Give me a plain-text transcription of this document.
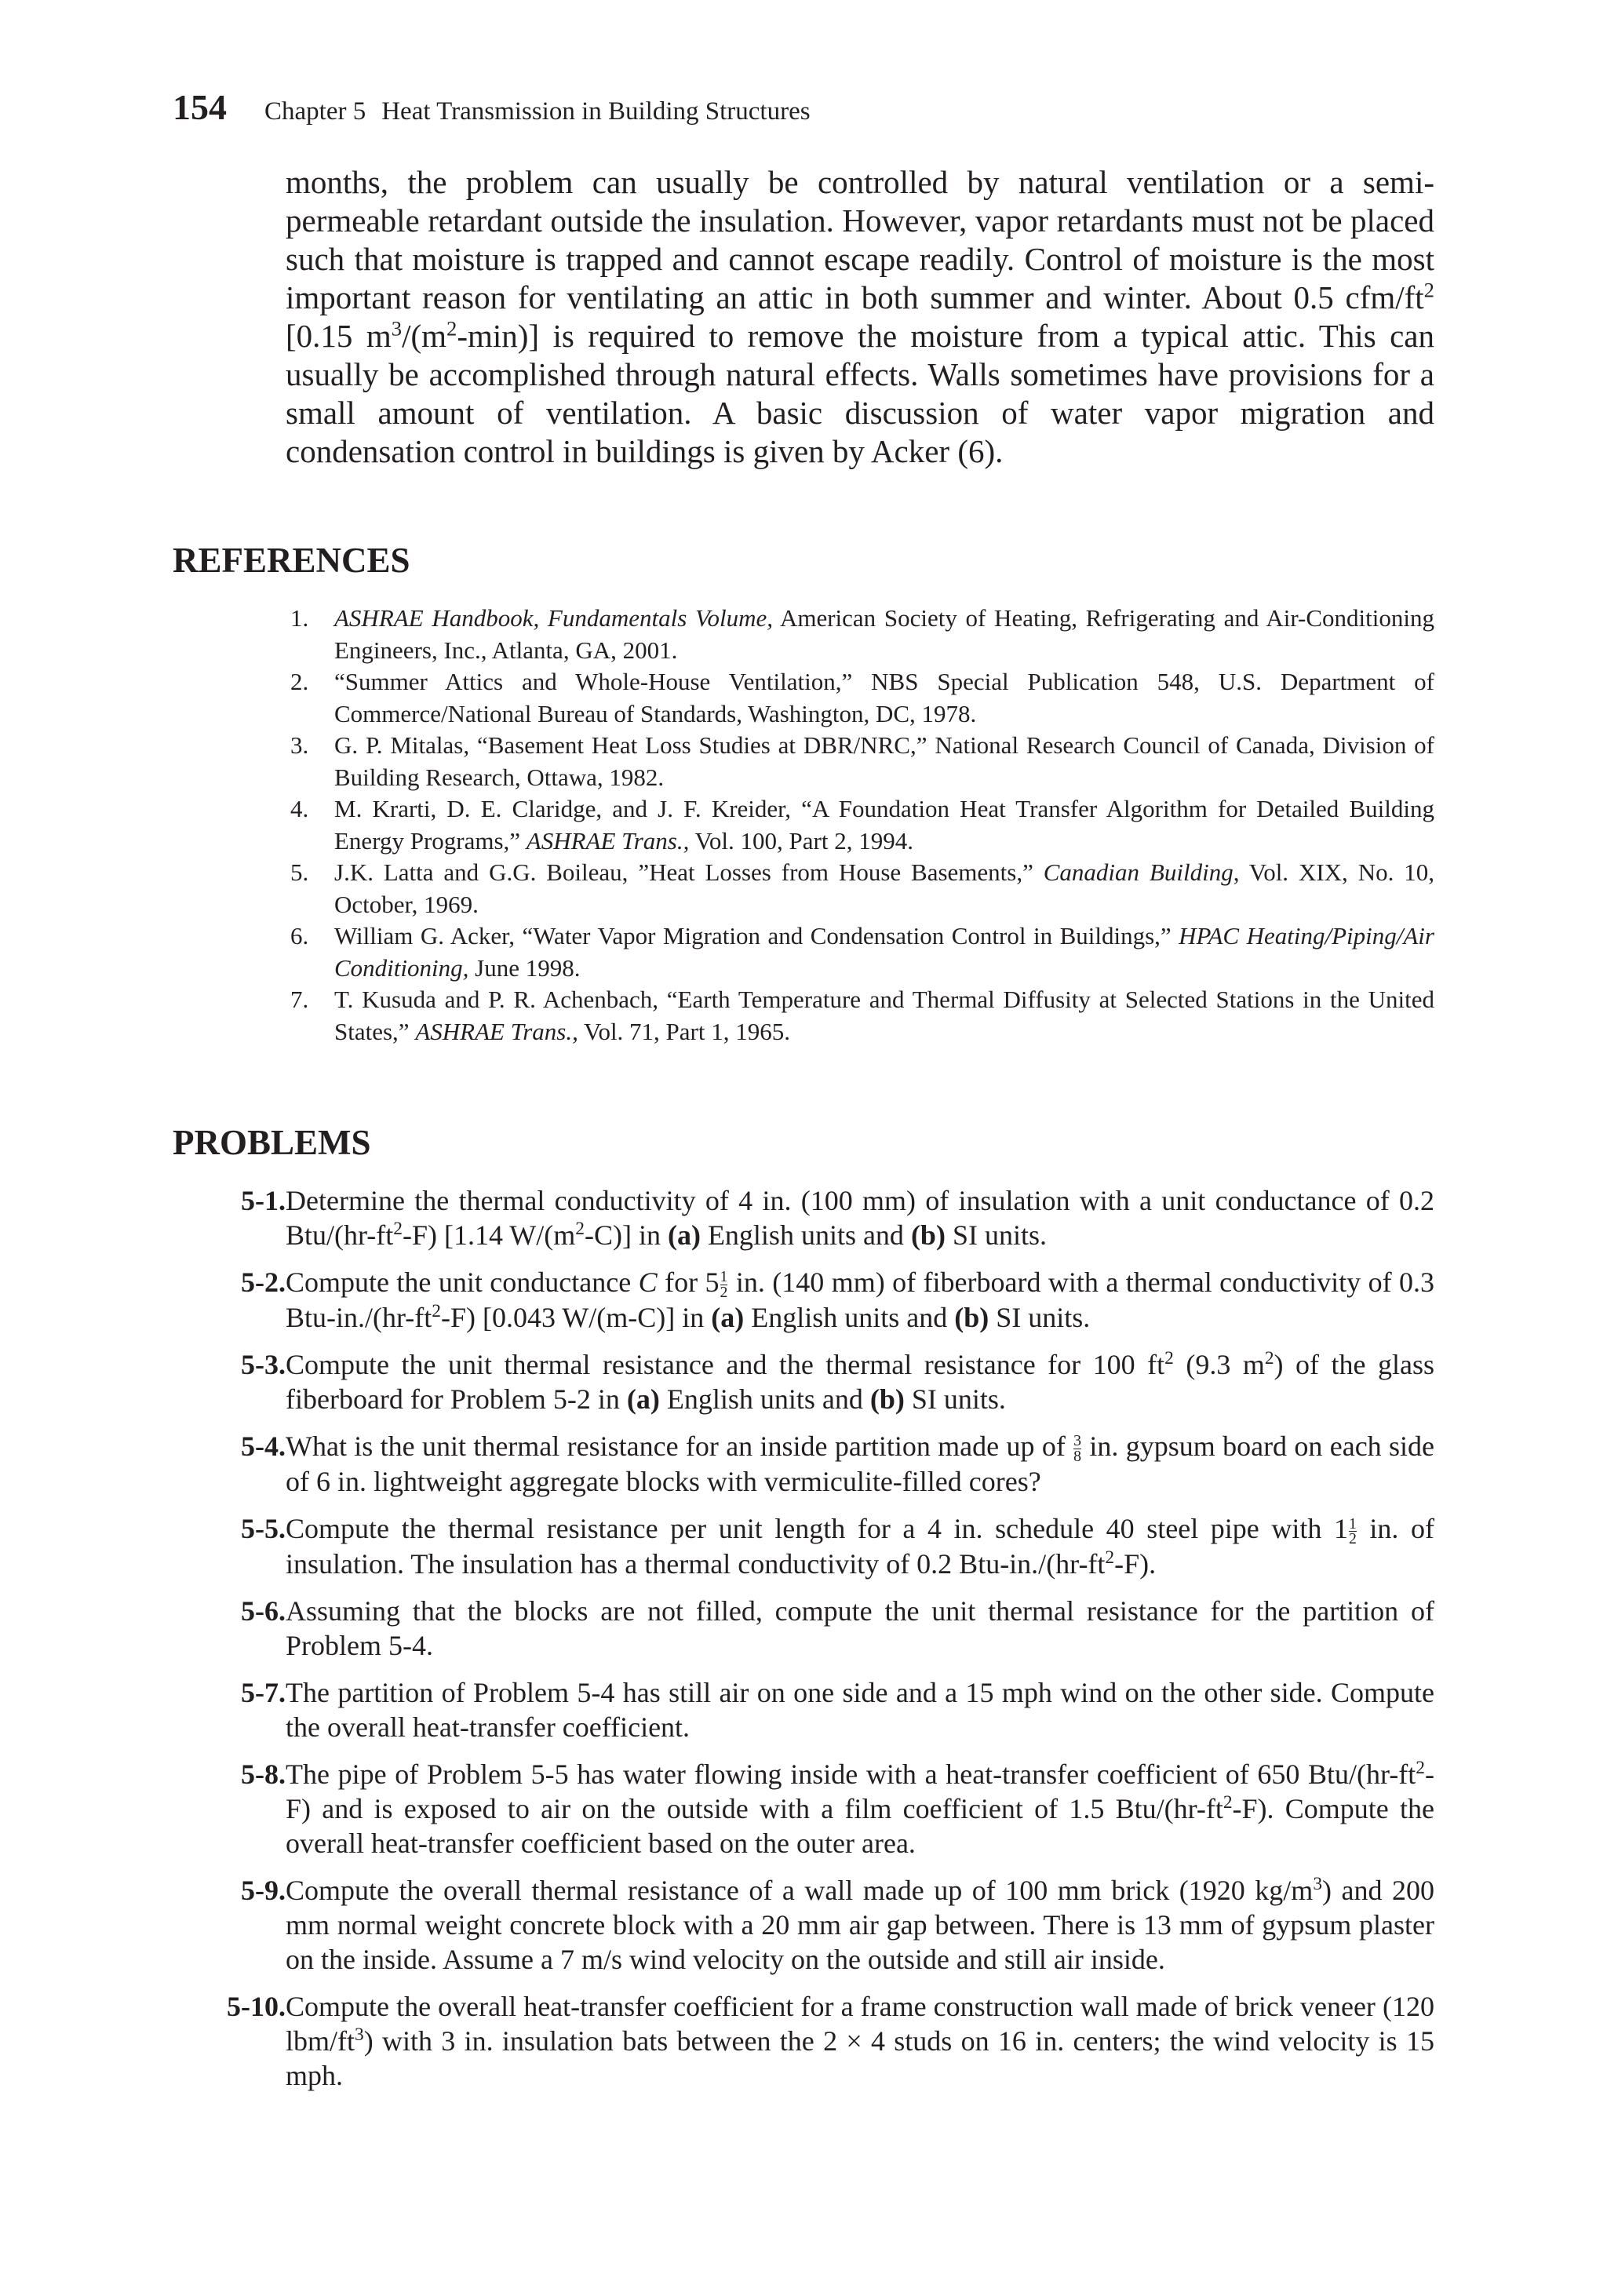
154 Chapter 5 Heat Transmission in Building Structures

months, the problem can usually be controlled by natural ventilation or a semi-permeable retardant outside the insulation. However, vapor retardants must not be placed such that moisture is trapped and cannot escape readily. Control of moisture is the most important reason for ventilating an attic in both summer and winter. About 0.5 cfm/$ft^2$ [0.15 $m^3/(m^2-\min)$] is required to remove the moisture from a typical attic. This can usually be accomplished through natural effects. Walls sometimes have provisions for a small amount of ventilation. A basic discussion of water vapor migration and condensation control in buildings is given by Acker (6).

REFERENCES
1.	ASHRAE Handbook, Fundamentals Volume, American Society of Heating, Refrigerating and Air-Conditioning Engineers, Inc., Atlanta, GA, 2001.
2.	“Summer Attics and Whole-House Ventilation,” NBS Special Publication 548, U.S. Department of Commerce/National Bureau of Standards, Washington, DC, 1978.
3.	G. P. Mitalas, “Basement Heat Loss Studies at DBR/NRC,” National Research Council of Canada, Division of Building Research, Ottawa, 1982.
4.	M. Krarti, D. E. Claridge, and J. F. Kreider, “A Foundation Heat Transfer Algorithm for Detailed Building Energy Programs,” ASHRAE Trans., Vol. 100, Part 2, 1994.
5.	J.K. Latta and G.G. Boileau, ”Heat Losses from House Basements,” Canadian Building, Vol. XIX, No. 10, October, 1969.
6.	William G. Acker, “Water Vapor Migration and Condensation Control in Buildings,” HPAC Heating/Piping/Air Conditioning, June 1998.
7.	T. Kusuda and P. R. Achenbach, “Earth Temperature and Thermal Diffusity at Selected Stations in the United States,” ASHRAE Trans., Vol. 71, Part 1, 1965.
PROBLEMS
5-1. Determine the thermal conductivity of 4 in. (100 mm) of insulation with a unit conductance of 0.2 Btu/$(hr-ft^2-F)$ [1.14 $W/(m^2-C)$] in (a) English units and (b) SI units.
5-2. Compute the unit conductance C for $5 \frac{1}{2}$ in. (140 mm) of fiberboard with a thermal conductivity of 0.3 Btu-$in./(hr-ft^2-F)$ [0.043 W/(m-C)] in (a) English units and (b) SI units.
5-3. Compute the unit thermal resistance and the thermal resistance for 100 $ft^2$ (9.3 $m^2$) of the glass fiberboard for Problem 5-2 in (a) English units and (b) SI units.
5-4. What is the unit thermal resistance for an inside partition made up of $\frac{3}{8}$ in. gypsum board on each side of 6 in. lightweight aggregate blocks with vermiculite-filled cores?
5-5. Compute the thermal resistance per unit length for a 4 in. schedule 40 steel pipe with $1 \frac{1}{2}$ in. of insulation. The insulation has a thermal conductivity of 0.2 Btu-$in./(hr-ft^2-F)$.
5-6. Assuming that the blocks are not filled, compute the unit thermal resistance for the partition of Problem 5-4.
5-7. The partition of Problem 5-4 has still air on one side and a 15 mph wind on the other side. Compute the overall heat-transfer coefficient.
5-8. The pipe of Problem 5-5 has water flowing inside with a heat-transfer coefficient of 650 Btu/$(hr-ft^2-F)$ and is exposed to air on the outside with a film coefficient of 1.5 Btu/$(hr-ft^2-F)$. Compute the overall heat-transfer coefficient based on the outer area.
5-9. Compute the overall thermal resistance of a wall made up of 100 mm brick (1920 $kg/m^3$) and 200 mm normal weight concrete block with a 20 mm air gap between. There is 13 mm of gypsum plaster on the inside. Assume a 7 m/s wind velocity on the outside and still air inside.
5-10. Compute the overall heat-transfer coefficient for a frame construction wall made of brick veneer (120 lbm/$ft^3$) with 3 in. insulation bats between the 2 × 4 studs on 16 in. centers; the wind velocity is 15 mph.
